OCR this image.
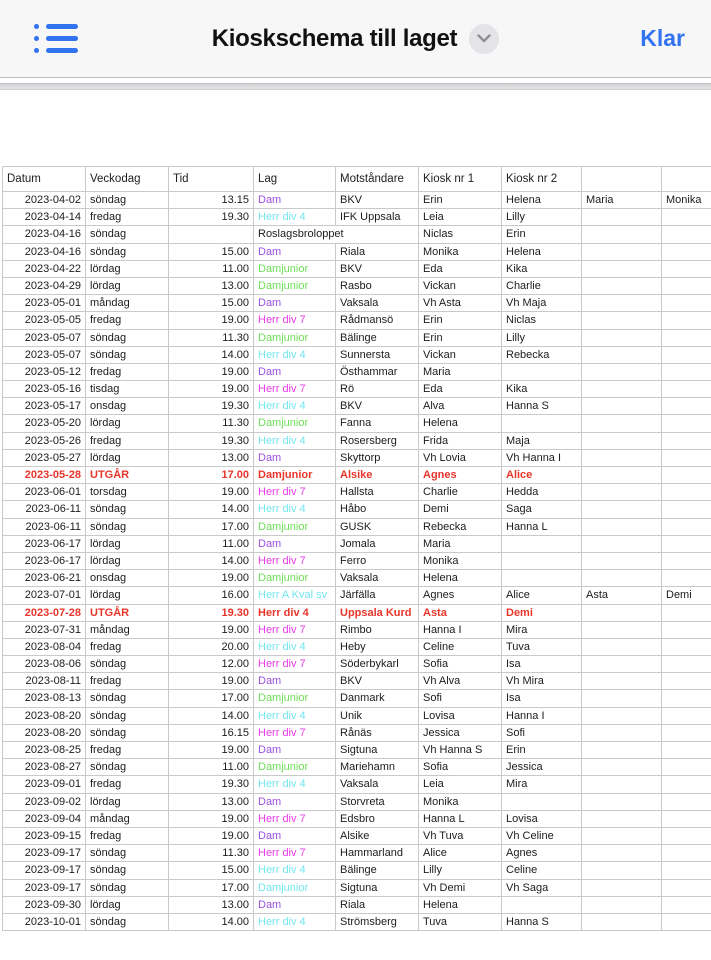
Kioskschema till laget	Klar
Datum	Veckodag	Tid	Lag	Motståndare	Kiosk nr 1	Kiosk nr 2
2023-04-02 söndag	13.15 Dam	BKV	Erin	Helena	Maria	Monika
2023-04-14 fredag	19.30 Herr div 4	IFK Uppsala	Leia	Lilly
2023-04-16 söndag	Roslagsbroloppet	Niclas	Erin
2023-04-16 söndag	15.00 Dam	Riala	Monika	Helena
2023-04-22 lördag	11.00 Damjunior	BKV	Eda	Kika
2023-04-29 lördag	13.00 Damjunior	Rasbo	Vickan	Charlie
2023-05-01 måndag	15.00 Dam	Vaksala	Vh Asta	Vh Maja
2023-05-05 fredag	19.00 Herr div 7	Rådmansö	Erin	Niclas
2023-05-07 söndag	11.30 Damjunior	Bälinge	Erin	Lilly
2023-05-07 söndag	14.00 Herr div 4	Sunnersta	Vickan	Rebecka
2023-05-12 fredag	19.00 Dam	Östhammar	Maria
2023-05-16 tisdag	19.00 Herr div 7	Rö	Eda	Kika
2023-05-17 onsdag	19.30 Herr div 4	BKV	Alva	Hanna S
2023-05-20 lördag	11.30 Damjunior	Fanna	Helena
2023-05-26 fredag	19.30 Herr div 4	Rosersberg	Frida	Maja
2023-05-27 lördag	13.00 Dam	Skyttorp	Vh Lovia	Vh Hanna I
2023-05-28 UTGÅR	17.00 Damjunior	Alsike	Agnes	Alice
2023-06-01 torsdag	19.00 Herr div 7	Hallsta	Charlie	Hedda
2023-06-11 söndag	14.00 Herr div 4	Håbo	Demi	Saga
2023-06-11 söndag	17.00 Damjunior	GUSK	Rebecka	Hanna L
2023-06-17 lördag	11.00 Dam	Jomala	Maria
2023-06-17 lördag	14.00 Herr div 7	Ferro	Monika
2023-06-21 onsdag	19.00 Damjunior	Vaksala	Helena
2023-07-01 lördag	16.00 Herr A Kval sv	Järfälla	Agnes	Alice	Asta	Demi
2023-07-28 UTGÅR	19.30 Herr div 4	Uppsala Kurd	Asta	Demi
2023-07-31 måndag	19.00 Herr div 7	Rimbo	Hanna I	Mira
2023-08-04 fredag	20.00 Herr div 4	Heby	Celine	Tuva
2023-08-06 söndag	12.00 Herr div 7	Söderbykarl	Sofia	Isa
2023-08-11 fredag	19.00 Dam	BKV	Vh Alva	Vh Mira
2023-08-13 söndag	17.00 Damjunior	Danmark	Sofi	Isa
2023-08-20 söndag	14.00 Herr div 4	Unik	Lovisa	Hanna I
2023-08-20 söndag	16.15 Herr div 7	Rånäs	Jessica	Sofi
2023-08-25 fredag	19.00 Dam	Sigtuna	Vh Hanna S	Erin
2023-08-27 söndag	11.00 Damjunior	Mariehamn	Sofia	Jessica
2023-09-01 fredag	19.30 Herr div 4	Vaksala	Leia	Mira
2023-09-02 lördag	13.00 Dam	Storvreta	Monika
2023-09-04 måndag	19.00 Herr div 7	Edsbro	Hanna L	Lovisa
2023-09-15 fredag	19.00 Dam	Alsike	Vh Tuva	Vh Celine
2023-09-17 söndag	11.30 Herr div 7	Hammarland	Alice	Agnes
2023-09-17 söndag	15.00 Herr div 4	Bälinge	Lilly	Celine
2023-09-17 söndag	17.00 Damjunior	Sigtuna	Vh Demi	Vh Saga
2023-09-30 lördag	13.00 Dam	Riala	Helena
2023-10-01 söndag	14.00 Herr div 4	Strömsberg	Tuva	Hanna S
